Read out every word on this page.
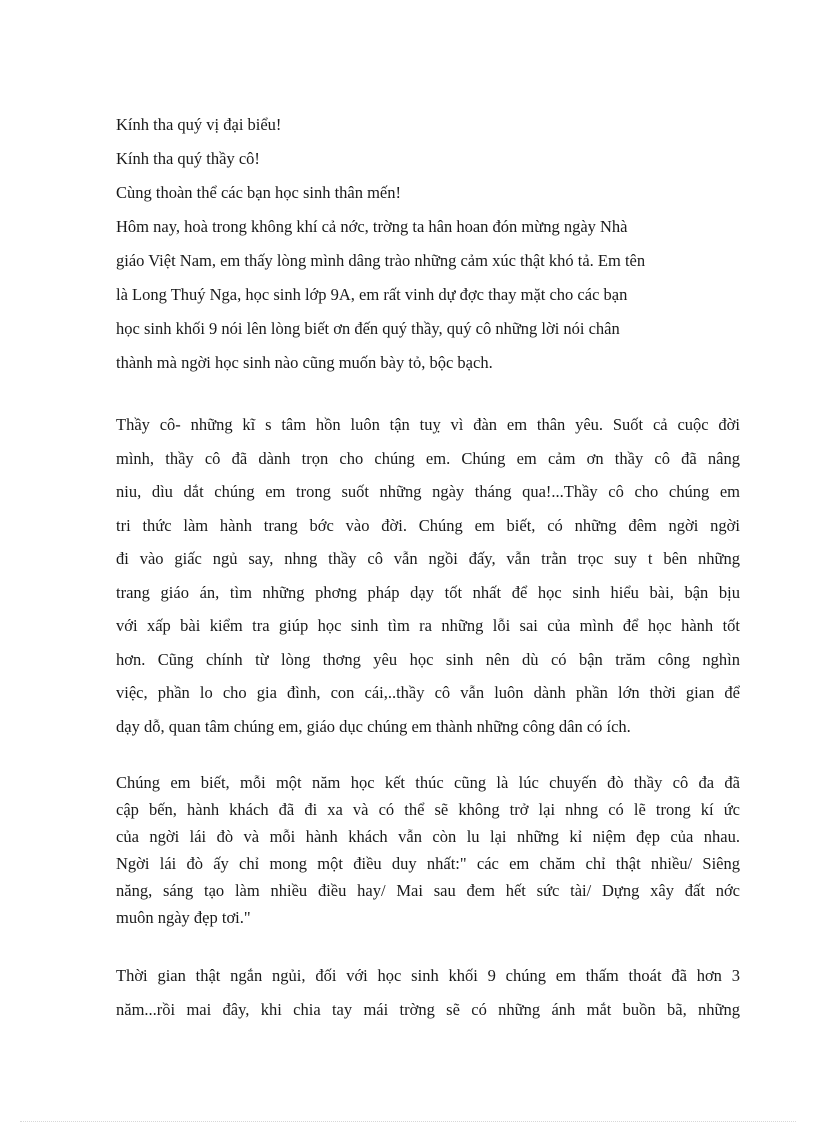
Kính tha quý vị đại biểu!
Kính tha quý thầy cô!
Cùng thoàn thể các bạn học sinh thân mến!
Hôm nay, hoà trong không khí cả nớc, trờng ta hân hoan đón mừng ngày Nhà
giáo Việt Nam, em thấy lòng mình dâng trào những cảm xúc thật khó tả. Em tên
là Long Thuý Nga, học sinh lớp 9A, em rất vinh dự đợc thay mặt cho các bạn
học sinh khối 9 nói lên lòng biết ơn đến quý thầy, quý cô những lời nói chân
thành mà ngời học sinh nào cũng muốn bày tỏ, bộc bạch.
Thầy cô- những kĩ s tâm hồn luôn tận tuỵ vì đàn em thân yêu. Suốt cả cuộc đời
mình, thầy cô đã dành trọn cho chúng em. Chúng em cảm ơn thầy cô đã nâng
niu, dìu dắt chúng em trong suốt những ngày tháng qua!...Thầy cô cho chúng em
tri thức làm hành trang bớc vào đời. Chúng em biết, có những đêm ngời ngời
đi vào giấc ngủ say, nhng thầy cô vẫn ngồi đấy, vẫn trằn trọc suy t bên những
trang giáo án, tìm những phơng pháp dạy tốt nhất để học sinh hiểu bài, bận bịu
với xấp bài kiểm tra giúp học sinh tìm ra những lỗi sai của mình để học hành tốt
hơn. Cũng chính từ lòng thơng yêu học sinh nên dù có bận trăm công nghìn
việc, phần lo cho gia đình, con cái,..thầy cô vẫn luôn dành phần lớn thời gian để
dạy dỗ, quan tâm chúng em, giáo dục chúng em thành những công dân có ích.
Chúng em biết, mỗi một năm học kết thúc cũng là lúc chuyến đò thầy cô đa đã
cập bến, hành khách đã đi xa và có thể sẽ không trở lại nhng có lẽ trong kí ức
của ngời lái đò và mỗi hành khách vẫn còn lu lại những kỉ niệm đẹp của nhau.
Ngời lái đò ấy chỉ mong một điều duy nhất:" các em chăm chỉ thật nhiều/ Siêng
năng, sáng tạo làm nhiều điều hay/ Mai sau đem hết sức tài/ Dựng xây đất nớc
muôn ngày đẹp tơi."
Thời gian thật ngắn ngủi, đối với học sinh khối 9 chúng em thấm thoát đã hơn 3
năm...rồi mai đây, khi chia tay mái trờng sẽ có những ánh mắt buồn bã, những
